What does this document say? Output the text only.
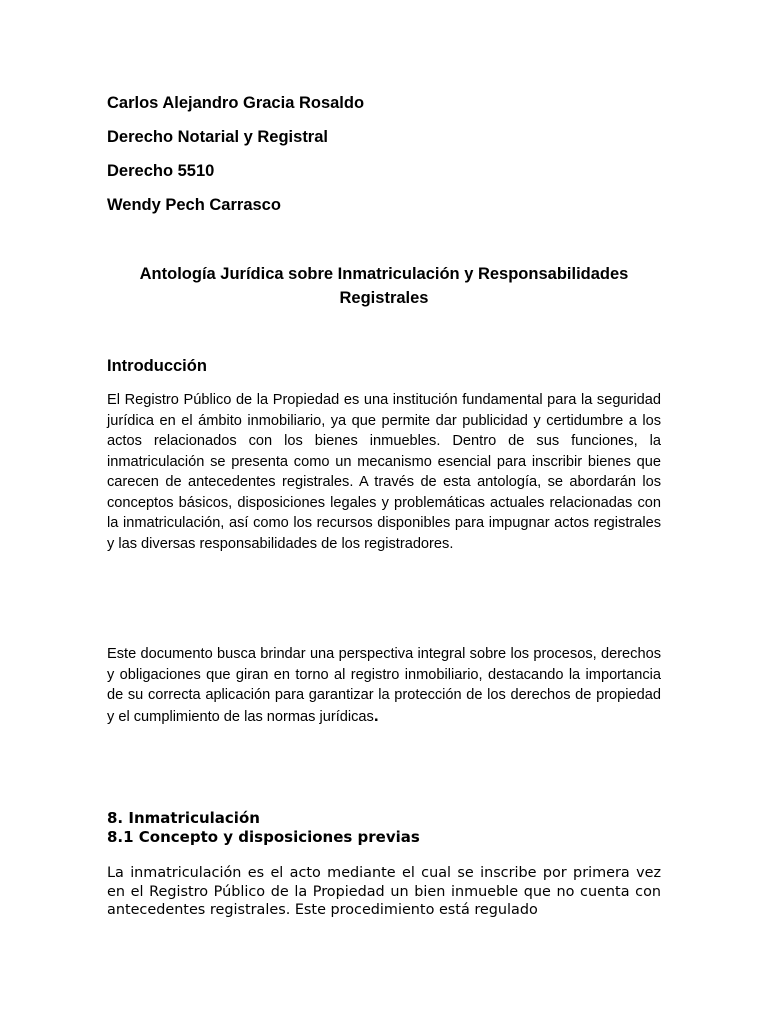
Carlos Alejandro Gracia Rosaldo
Derecho Notarial y Registral
Derecho 5510
Wendy Pech Carrasco
Antología Jurídica sobre Inmatriculación y Responsabilidades Registrales
Introducción

El Registro Público de la Propiedad es una institución fundamental para la seguridad jurídica en el ámbito inmobiliario, ya que permite dar publicidad y certidumbre a los actos relacionados con los bienes inmuebles. Dentro de sus funciones, la inmatriculación se presenta como un mecanismo esencial para inscribir bienes que carecen de antecedentes registrales. A través de esta antología, se abordarán los conceptos básicos, disposiciones legales y problemáticas actuales relacionadas con la inmatriculación, así como los recursos disponibles para impugnar actos registrales y las diversas responsabilidades de los registradores.

Este documento busca brindar una perspectiva integral sobre los procesos, derechos y obligaciones que giran en torno al registro inmobiliario, destacando la importancia de su correcta aplicación para garantizar la protección de los derechos de propiedad y el cumplimiento de las normas jurídicas.

8. Inmatriculación
8.1 Concepto y disposiciones previas

La inmatriculación es el acto mediante el cual se inscribe por primera vez en el Registro Público de la Propiedad un bien inmueble que no cuenta con antecedentes registrales. Este procedimiento está regulado
